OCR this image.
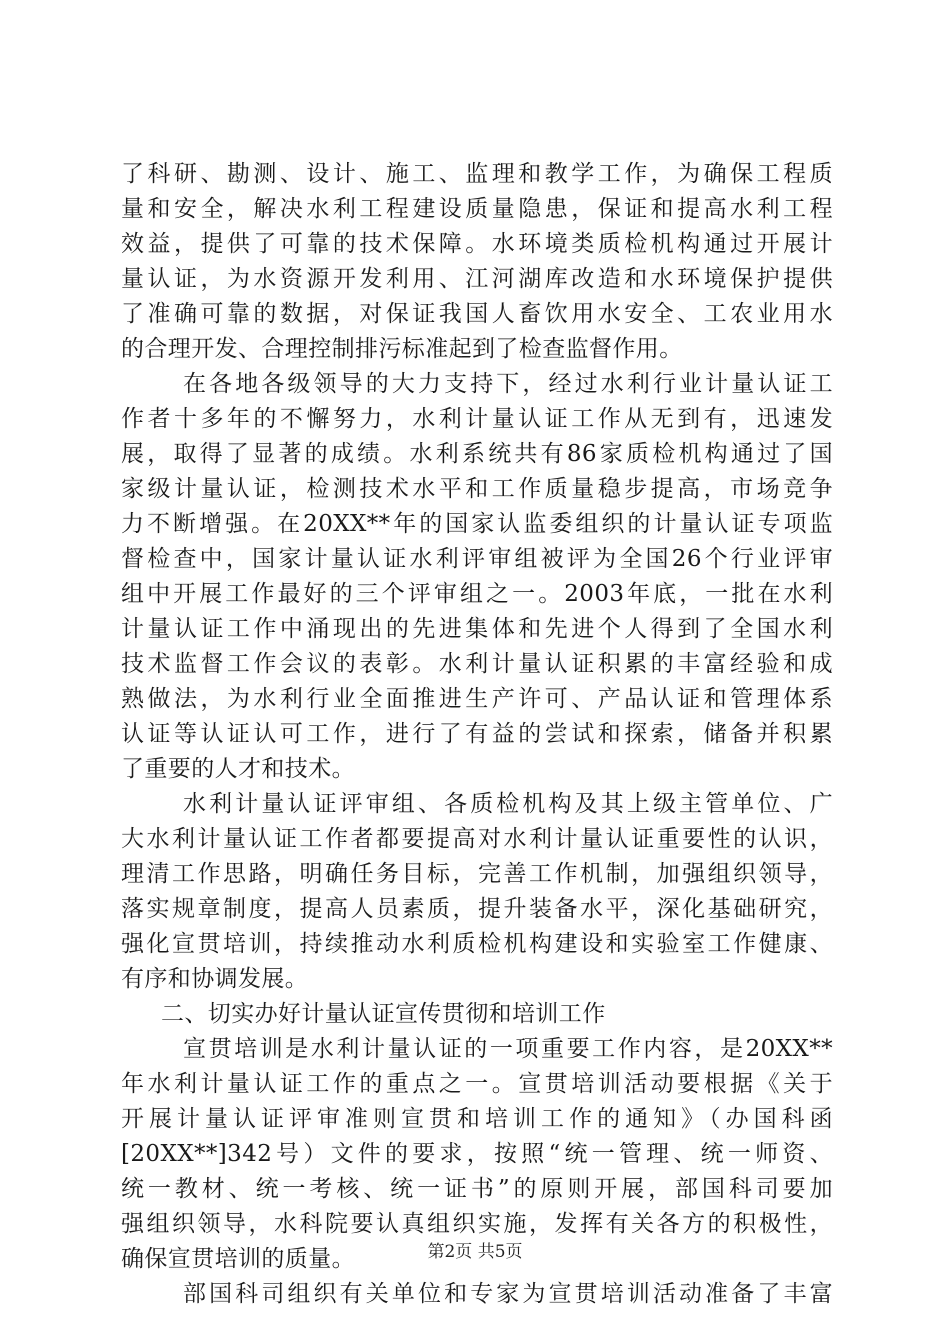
了科研、勘测、设计、施工、监理和教学工作，为确保工程质
量和安全，解决水利工程建设质量隐患，保证和提高水利工程
效益，提供了可靠的技术保障。水环境类质检机构通过开展计
量认证，为水资源开发利用、江河湖库改造和水环境保护提供
了准确可靠的数据，对保证我国人畜饮用水安全、工农业用水
的合理开发、合理控制排污标准起到了检查监督作用。
在各地各级领导的大力支持下，经过水利行业计量认证工
作者十多年的不懈努力，水利计量认证工作从无到有，迅速发
展，取得了显著的成绩。水利系统共有86家质检机构通过了国
家级计量认证，检测技术水平和工作质量稳步提高，市场竞争
力不断增强。在20XX**年的国家认监委组织的计量认证专项监
督检查中，国家计量认证水利评审组被评为全国26个行业评审
组中开展工作最好的三个评审组之一。2003年底，一批在水利
计量认证工作中涌现出的先进集体和先进个人得到了全国水利
技术监督工作会议的表彰。水利计量认证积累的丰富经验和成
熟做法，为水利行业全面推进生产许可、产品认证和管理体系
认证等认证认可工作，进行了有益的尝试和探索，储备并积累
了重要的人才和技术。
水利计量认证评审组、各质检机构及其上级主管单位、广
大水利计量认证工作者都要提高对水利计量认证重要性的认识，
理清工作思路，明确任务目标，完善工作机制，加强组织领导，
落实规章制度，提高人员素质，提升装备水平，深化基础研究，
强化宣贯培训，持续推动水利质检机构建设和实验室工作健康、
有序和协调发展。
二、切实办好计量认证宣传贯彻和培训工作
宣贯培训是水利计量认证的一项重要工作内容，是20XX**
年水利计量认证工作的重点之一。宣贯培训活动要根据《关于
开展计量认证评审准则宣贯和培训工作的通知》（办国科函
[20XX**]342号）文件的要求，按照“统一管理、统一师资、
统一教材、统一考核、统一证书”的原则开展，部国科司要加
强组织领导，水科院要认真组织实施，发挥有关各方的积极性，
确保宣贯培训的质量。
部国科司组织有关单位和专家为宣贯培训活动准备了丰富
第2页 共5页
